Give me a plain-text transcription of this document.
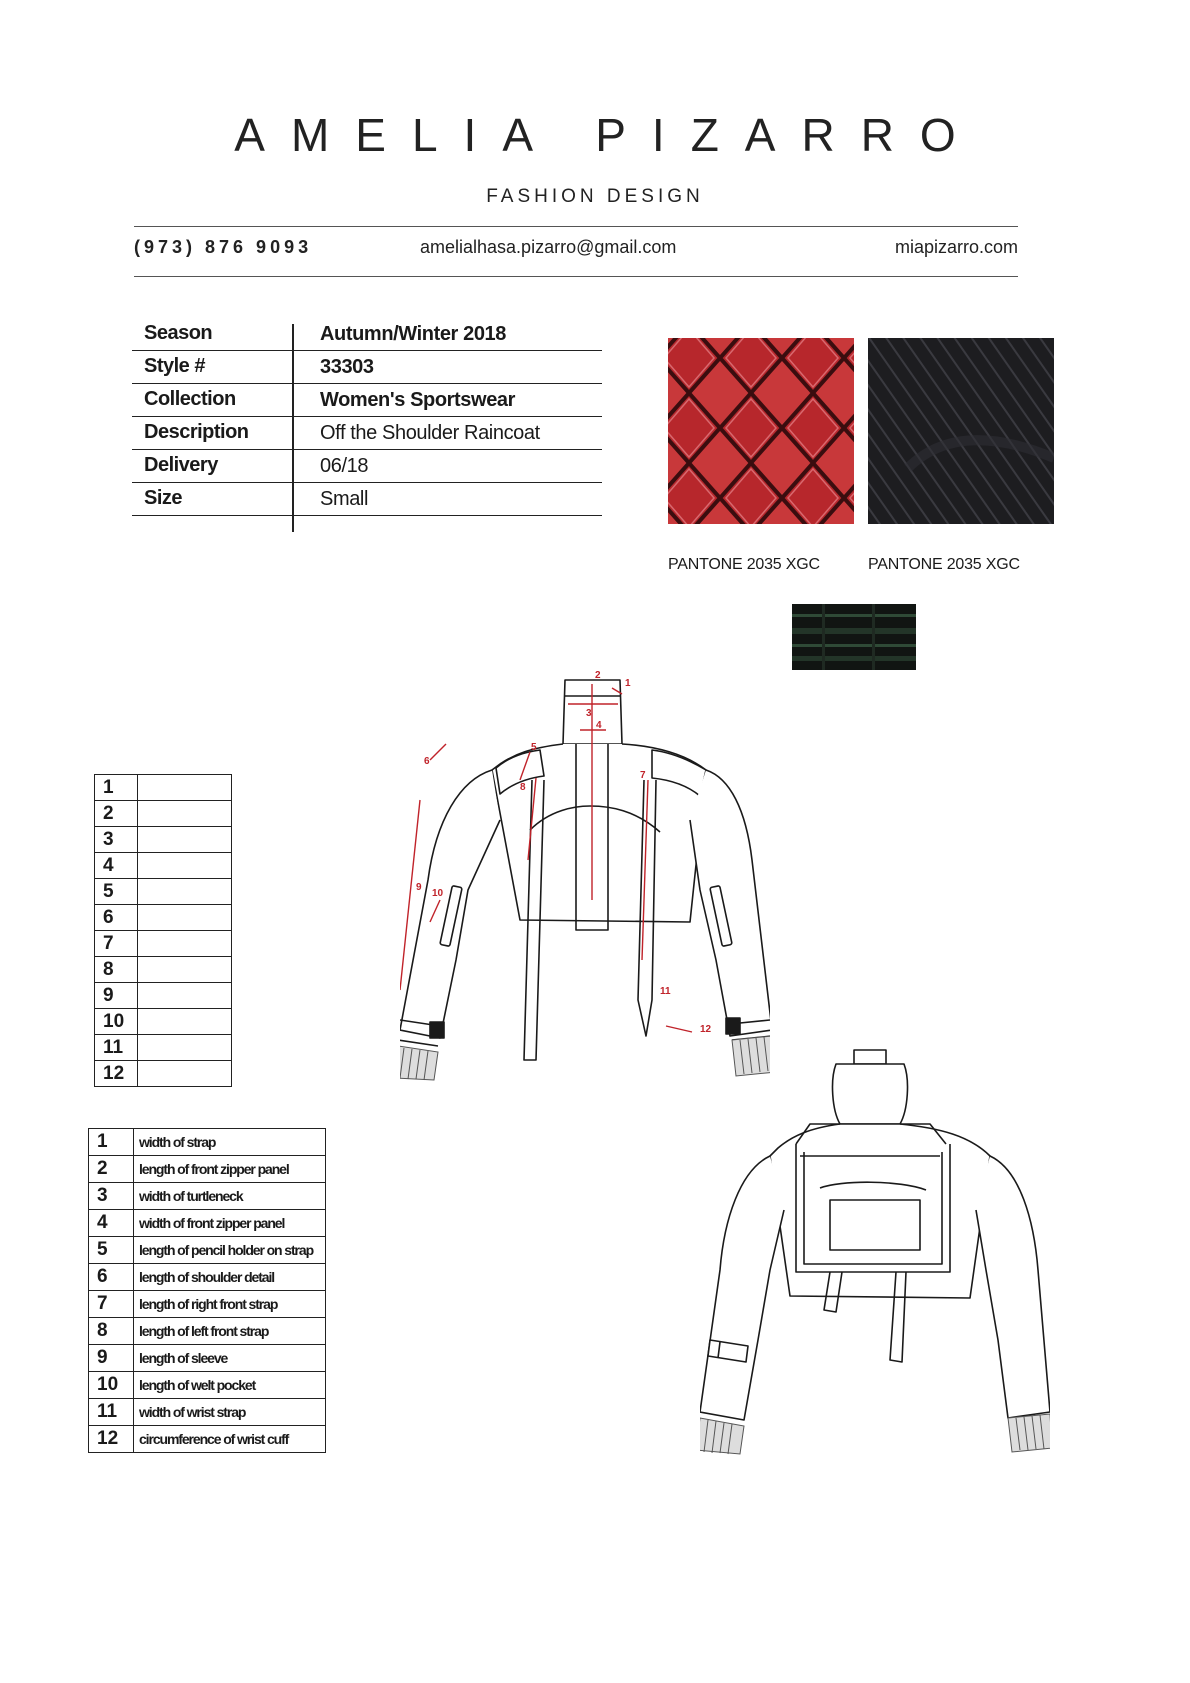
AMELIA PIZARRO
FASHION DESIGN
(973) 876 9093	amelialhasa.pizarro@gmail.com	miapizarro.com
Season	Autumn/Winter 2018
Style #	33303
Collection	Women's Sportswear
Description	Off the Shoulder Raincoat
Delivery	06/18
Size	Small
PANTONE 2035 XGC	PANTONE 2035 XGC
1	
2	
3	
4	
5	
6	
7	
8	
9	
10	
11	
12	
1	width of strap
2	length of front zipper panel
3	width of turtleneck
4	width of front zipper panel
5	length of pencil holder on strap
6	length of shoulder detail
7	length of right front strap
8	length of left front strap
9	length of sleeve
10	length of welt pocket
11	width of wrist strap
12	circumference of wrist cuff
1
2
3
4
5
6
7
8
9
10
11
12
